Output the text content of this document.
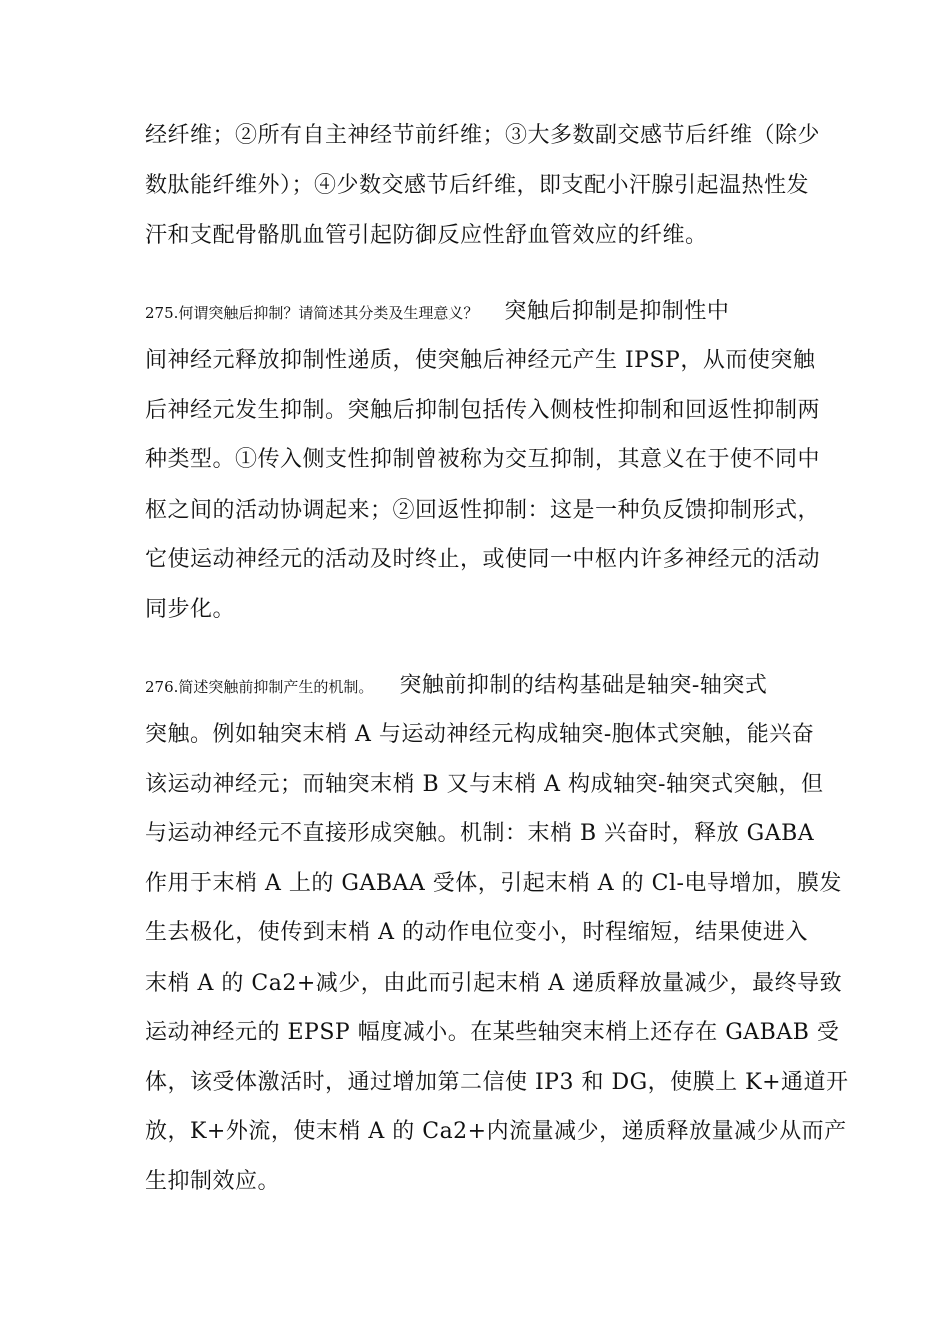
经纤维；②所有自主神经节前纤维；③大多数副交感节后纤维（除少
数肽能纤维外）；④少数交感节后纤维，即支配小汗腺引起温热性发
汗和支配骨骼肌血管引起防御反应性舒血管效应的纤维。
275.何谓突触后抑制？请简述其分类及生理意义？ 突触后抑制是抑制性中
间神经元释放抑制性递质，使突触后神经元产生 IPSP，从而使突触
后神经元发生抑制。突触后抑制包括传入侧枝性抑制和回返性抑制两
种类型。①传入侧支性抑制曾被称为交互抑制，其意义在于使不同中
枢之间的活动协调起来；②回返性抑制：这是一种负反馈抑制形式，
它使运动神经元的活动及时终止，或使同一中枢内许多神经元的活动
同步化。
276.简述突触前抑制产生的机制。 突触前抑制的结构基础是轴突-轴突式
突触。例如轴突末梢 A 与运动神经元构成轴突-胞体式突触，能兴奋
该运动神经元；而轴突末梢 B 又与末梢 A 构成轴突-轴突式突触，但
与运动神经元不直接形成突触。机制：末梢 B 兴奋时，释放 GABA
作用于末梢 A 上的 GABAA 受体，引起末梢 A 的 Cl-电导增加，膜发
生去极化，使传到末梢 A 的动作电位变小，时程缩短，结果使进入
末梢 A 的 Ca2+减少，由此而引起末梢 A 递质释放量减少，最终导致
运动神经元的 EPSP 幅度减小。在某些轴突末梢上还存在 GABAB 受
体，该受体激活时，通过增加第二信使 IP3 和 DG，使膜上 K+通道开
放，K+外流，使末梢 A 的 Ca2+内流量减少，递质释放量减少从而产
生抑制效应。
